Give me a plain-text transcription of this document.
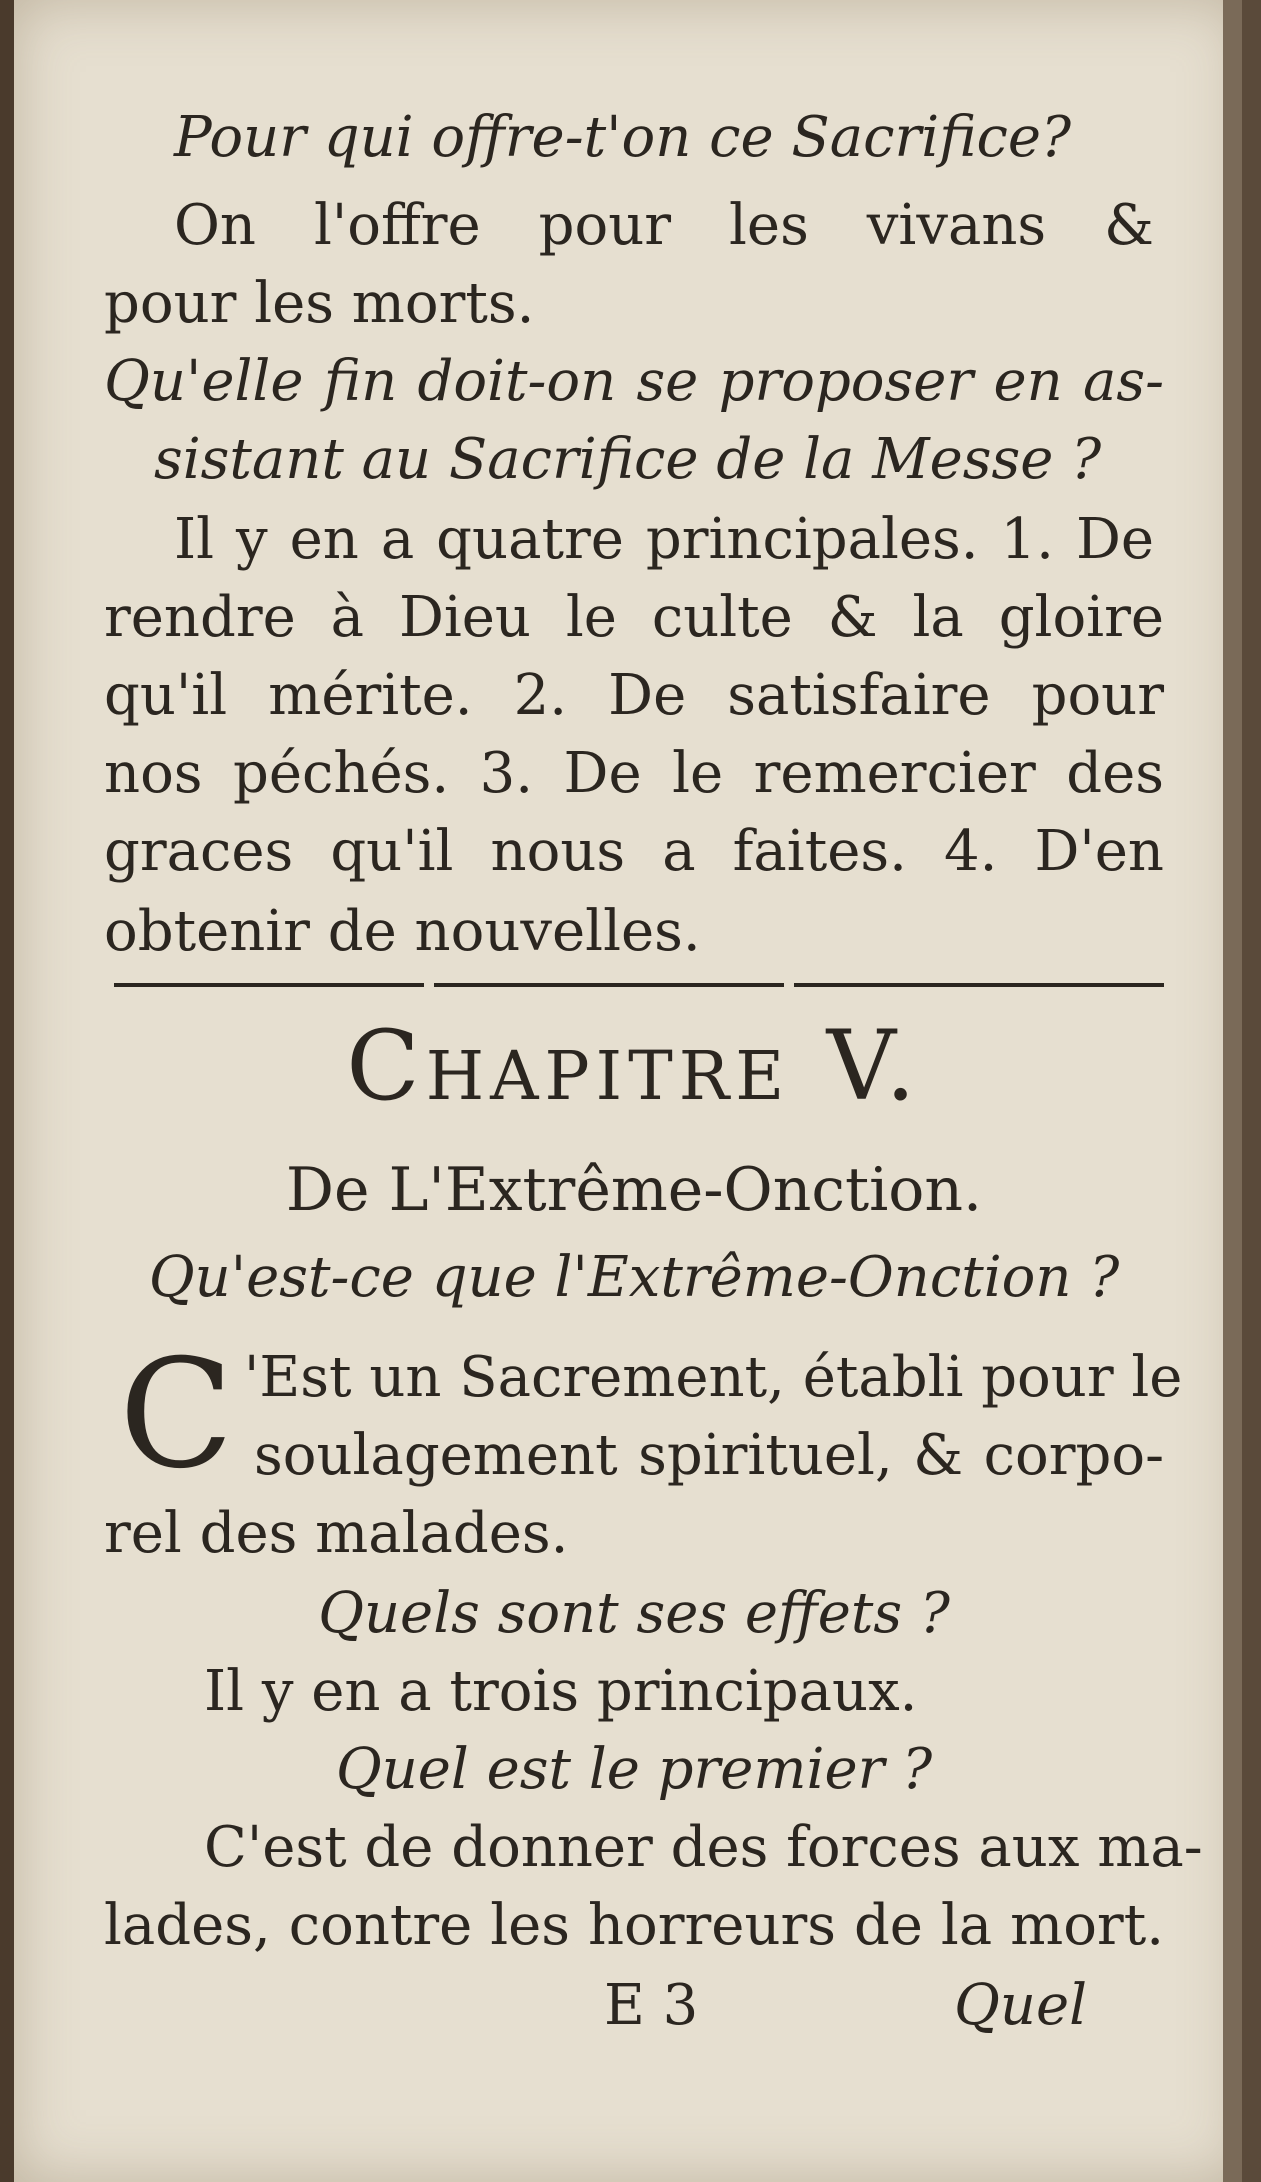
Pour qui offre-t'on ce Sacrifice?
On l'offre pour les vivans &
pour les morts.
Qu'elle fin doit-on se proposer en as-
sistant au Sacrifice de la Messe ?
Il y en a quatre principales. 1. De
rendre à Dieu le culte & la gloire
qu'il mérite. 2. De satisfaire pour
nos péchés. 3. De le remercier des
graces qu'il nous a faites. 4. D'en
obtenir de nouvelles.
Chapitre V.
De L'Extrême-Onction.
Qu'est-ce que l'Extrême-Onction ?
C 'Est un Sacrement, établi pour le
soulagement spirituel, & corpo-
rel des malades.
Quels sont ses effets ?
Il y en a trois principaux.
Quel est le premier ?
C'est de donner des forces aux ma-
lades, contre les horreurs de la mort.
E 3	Quel
